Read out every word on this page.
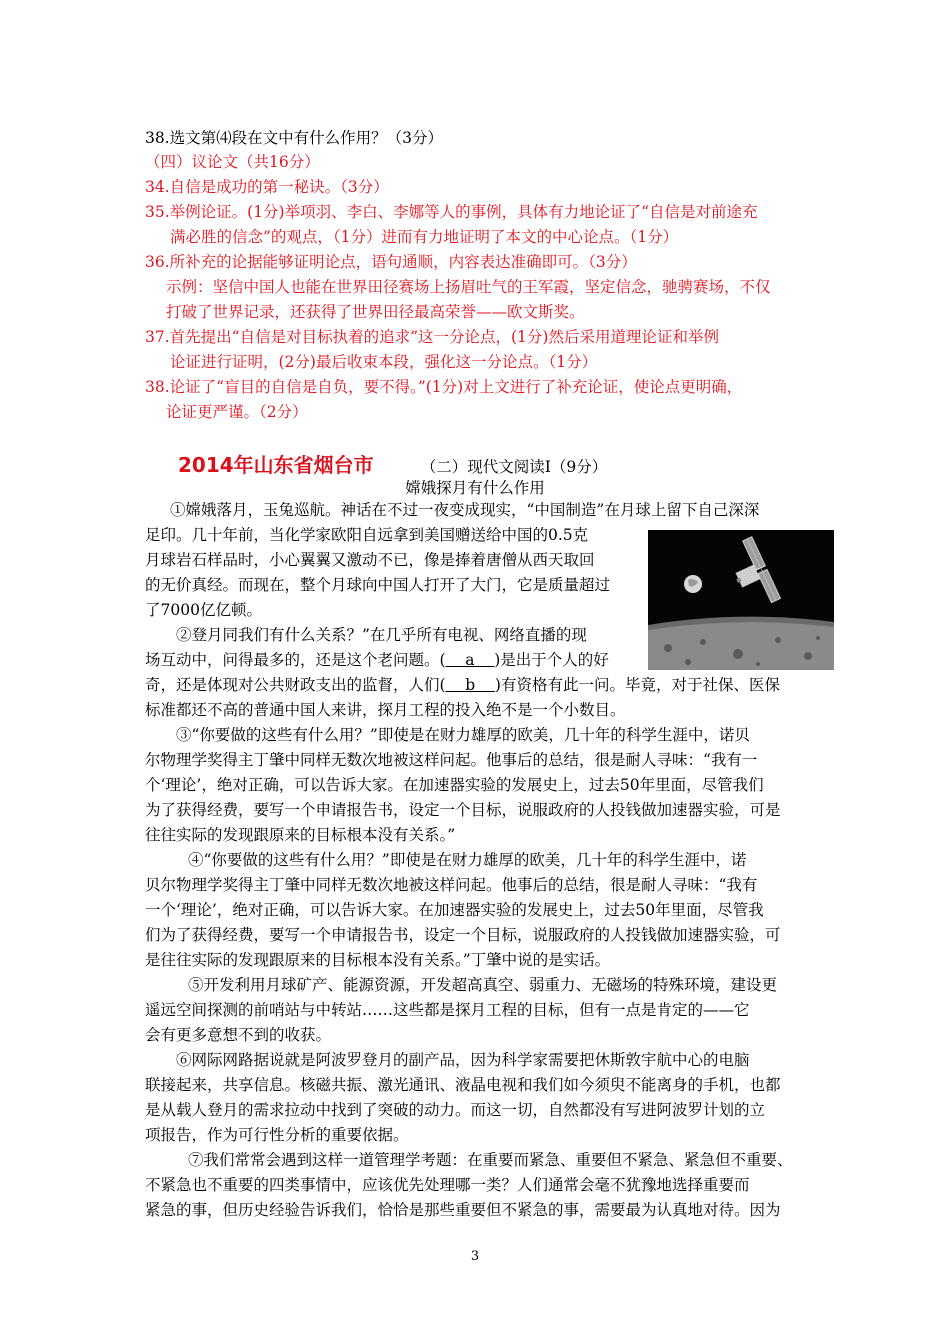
38.选文第⑷段在文中有什么作用？（3分）
（四）议论文（共16分）
34.自信是成功的第一秘诀。（3分）
35.举例论证。(1分)举项羽、李白、李娜等人的事例，具体有力地论证了“自信是对前途充
满必胜的信念”的观点，（1分）进而有力地证明了本文的中心论点。（1分）
36.所补充的论据能够证明论点，语句通顺，内容表达准确即可。（3分）
示例：坚信中国人也能在世界田径赛场上扬眉吐气的王军霞，坚定信念，驰骋赛场，不仅
打破了世界记录，还获得了世界田径最高荣誉——欧文斯奖。
37.首先提出“自信是对目标执着的追求”这一分论点，(1分)然后采用道理论证和举例
论证进行证明，(2分)最后收束本段，强化这一分论点。（1分）
38.论证了“盲目的自信是自负，要不得。”(1分)对上文进行了补充论证，使论点更明确，
论证更严谨。（2分）
2014年山东省烟台市	（二）现代文阅读Ⅰ（9分）
嫦娥探月有什么作用
①嫦娥落月，玉兔巡航。神话在不过一夜变成现实，“中国制造”在月球上留下自己深深
足印。几十年前，当化学家欧阳自远拿到美国赠送给中国的0.5克
月球岩石样品时，小心翼翼又激动不已，像是捧着唐僧从西天取回
的无价真经。而现在，整个月球向中国人打开了大门，它是质量超过
了7000亿亿顿。
②登月同我们有什么关系？”在几乎所有电视、网络直播的现
场互动中，问得最多的，还是这个老问题。(    a    )是出于个人的好
奇，还是体现对公共财政支出的监督，人们(    b    )有资格有此一问。毕竟，对于社保、医保
标准都还不高的普通中国人来讲，探月工程的投入绝不是一个小数目。
③“你要做的这些有什么用？”即使是在财力雄厚的欧美，几十年的科学生涯中，诺贝
尔物理学奖得主丁肇中同样无数次地被这样问起。他事后的总结，很是耐人寻味：“我有一
个‘理论’，绝对正确，可以告诉大家。在加速器实验的发展史上，过去50年里面，尽管我们
为了获得经费，要写一个申请报告书，设定一个目标，说服政府的人投钱做加速器实验，可是
往往实际的发现跟原来的目标根本没有关系。”
④“你要做的这些有什么用？”即使是在财力雄厚的欧美，几十年的科学生涯中，诺
贝尔物理学奖得主丁肇中同样无数次地被这样问起。他事后的总结，很是耐人寻味：“我有
一个‘理论’，绝对正确，可以告诉大家。在加速器实验的发展史上，过去50年里面，尽管我
们为了获得经费，要写一个申请报告书，设定一个目标，说服政府的人投钱做加速器实验，可
是往往实际的发现跟原来的目标根本没有关系。”丁肇中说的是实话。
⑤开发利用月球矿产、能源资源，开发超高真空、弱重力、无磁场的特殊环境，建设更
遥远空间探测的前哨站与中转站……这些都是探月工程的目标，但有一点是肯定的——它
会有更多意想不到的收获。
⑥网际网路据说就是阿波罗登月的副产品，因为科学家需要把休斯敦宇航中心的电脑
联接起来，共享信息。核磁共振、激光通讯、液晶电视和我们如今须臾不能离身的手机，也都
是从载人登月的需求拉动中找到了突破的动力。而这一切，自然都没有写进阿波罗计划的立
项报告，作为可行性分析的重要依据。
⑦我们常常会遇到这样一道管理学考题：在重要而紧急、重要但不紧急、紧急但不重要、
不紧急也不重要的四类事情中，应该优先处理哪一类？人们通常会毫不犹豫地选择重要而
紧急的事，但历史经验告诉我们，恰恰是那些重要但不紧急的事，需要最为认真地对待。因为
3
